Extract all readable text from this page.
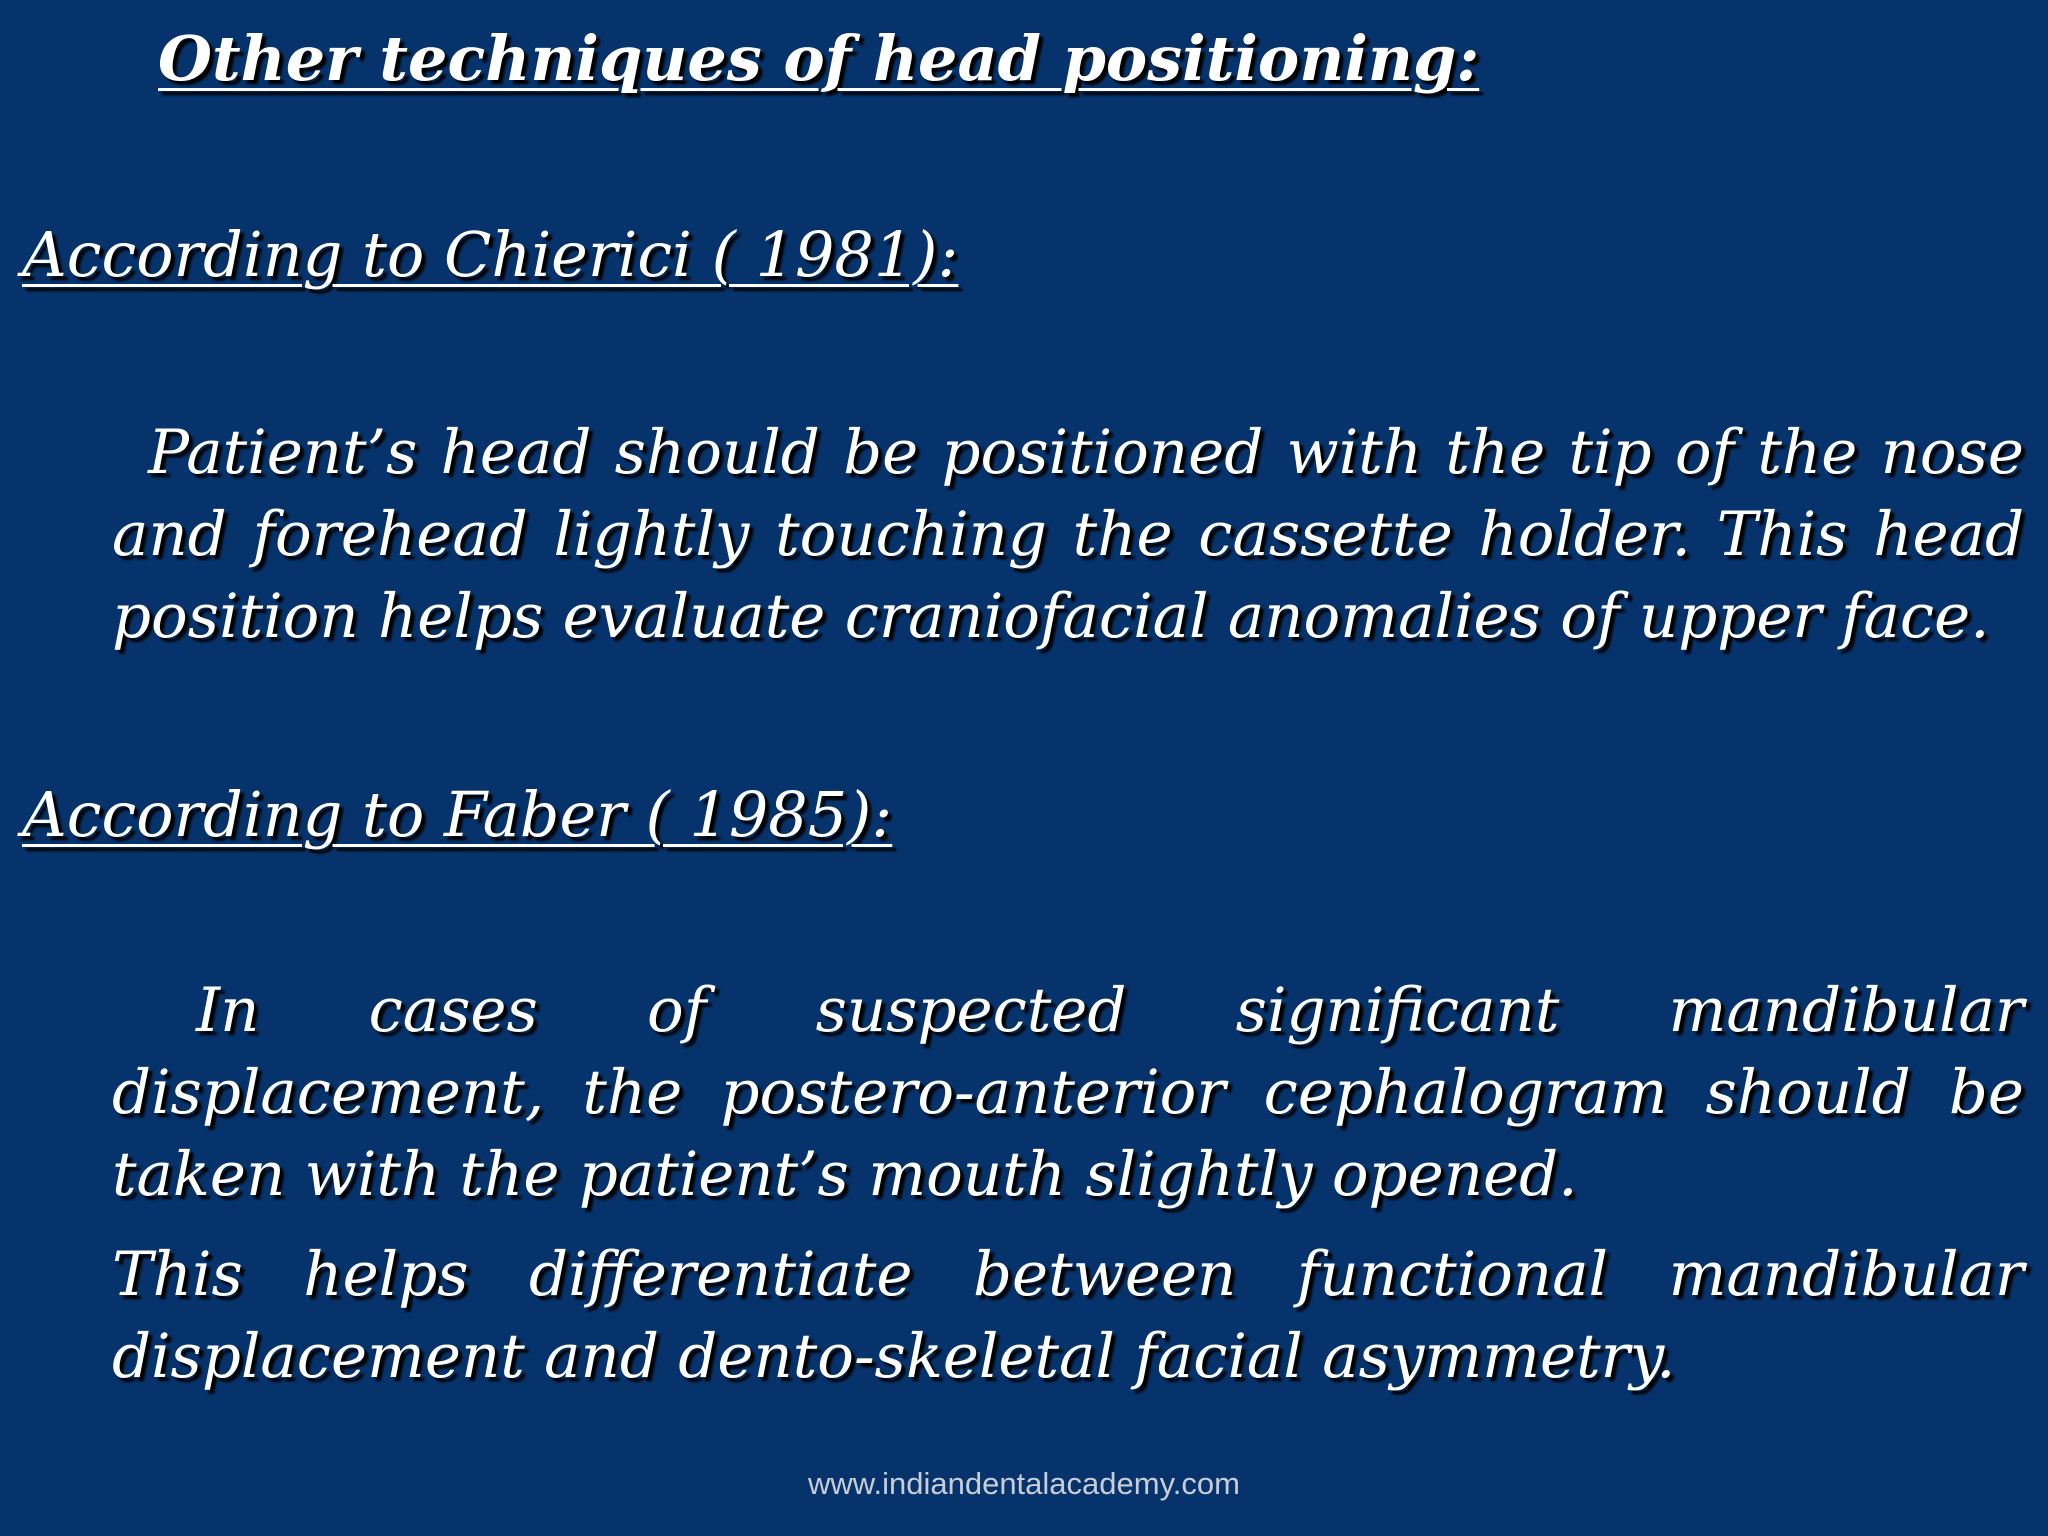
Other techniques of head positioning:
According to Chierici ( 1981):
Patient’s head should be positioned with the tip of the nose and forehead lightly touching the cassette holder. This head position helps evaluate craniofacial anomalies of upper face.
According to Faber ( 1985):
In cases of suspected significant mandibular displacement, the postero-anterior cephalogram should be taken with the patient’s mouth slightly opened.
This helps differentiate between functional mandibular displacement and dento-skeletal facial asymmetry.
www.indiandentalacademy.com
